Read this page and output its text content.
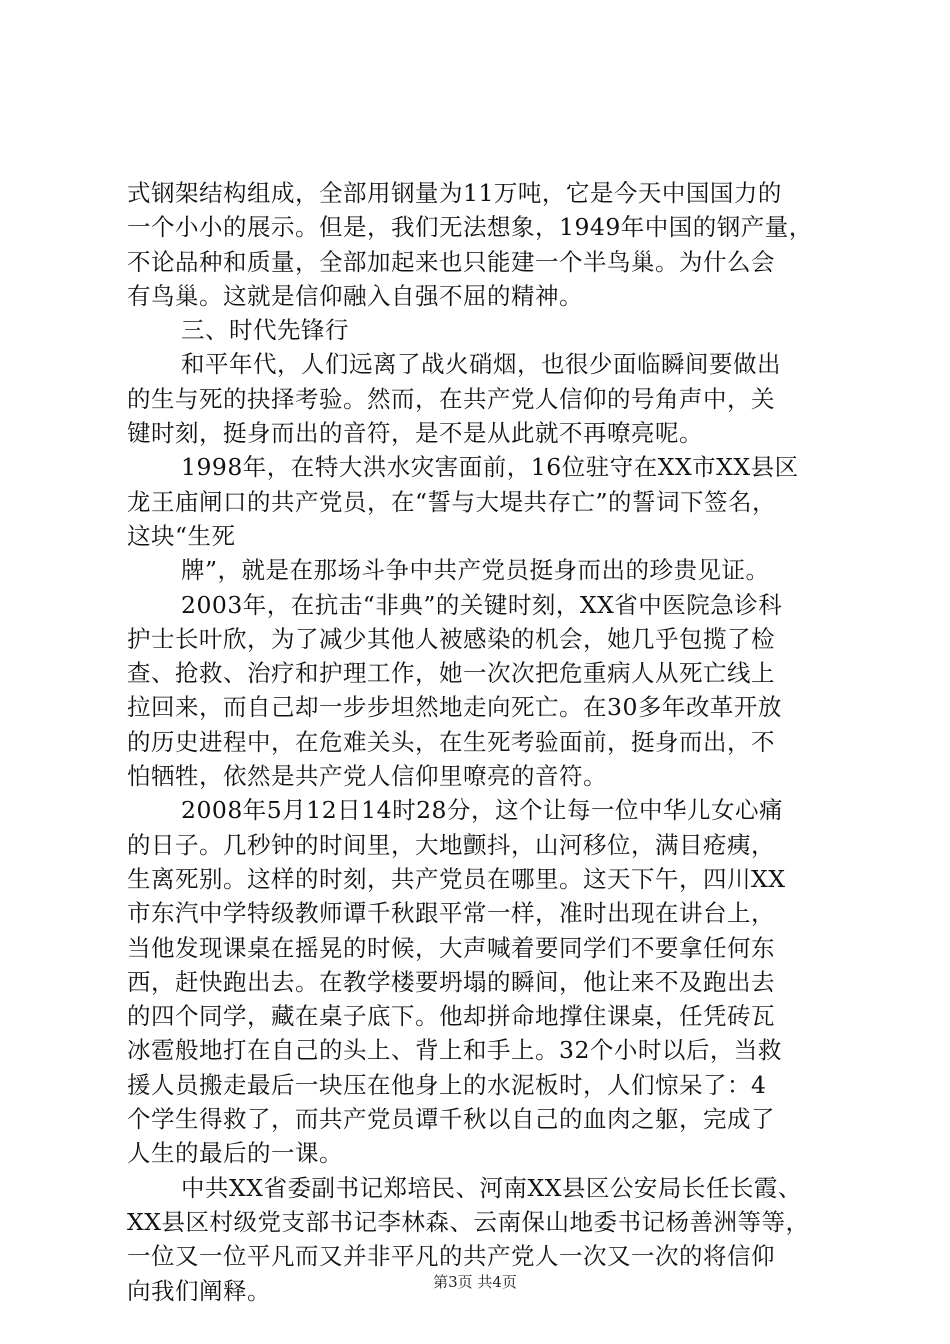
式钢架结构组成，全部用钢量为11万吨，它是今天中国国力的
一个小小的展示。但是，我们无法想象，1949年中国的钢产量，
不论品种和质量，全部加起来也只能建一个半鸟巢。为什么会
有鸟巢。这就是信仰融入自强不屈的精神。
三、时代先锋行
和平年代，人们远离了战火硝烟，也很少面临瞬间要做出
的生与死的抉择考验。然而，在共产党人信仰的号角声中，关
键时刻，挺身而出的音符，是不是从此就不再嘹亮呢。
1998年，在特大洪水灾害面前，16位驻守在XX市XX县区
龙王庙闸口的共产党员，在“誓与大堤共存亡”的誓词下签名，
这块“生死
牌”，就是在那场斗争中共产党员挺身而出的珍贵见证。
2003年，在抗击“非典”的关键时刻，XX省中医院急诊科
护士长叶欣，为了减少其他人被感染的机会，她几乎包揽了检
查、抢救、治疗和护理工作，她一次次把危重病人从死亡线上
拉回来，而自己却一步步坦然地走向死亡。在30多年改革开放
的历史进程中，在危难关头，在生死考验面前，挺身而出，不
怕牺牲，依然是共产党人信仰里嘹亮的音符。
2008年5月12日14时28分，这个让每一位中华儿女心痛
的日子。几秒钟的时间里，大地颤抖，山河移位，满目疮痍，
生离死别。这样的时刻，共产党员在哪里。这天下午，四川XX
市东汽中学特级教师谭千秋跟平常一样，准时出现在讲台上，
当他发现课桌在摇晃的时候，大声喊着要同学们不要拿任何东
西，赶快跑出去。在教学楼要坍塌的瞬间，他让来不及跑出去
的四个同学，藏在桌子底下。他却拼命地撑住课桌，任凭砖瓦
冰雹般地打在自己的头上、背上和手上。32个小时以后，当救
援人员搬走最后一块压在他身上的水泥板时，人们惊呆了：4
个学生得救了，而共产党员谭千秋以自己的血肉之躯，完成了
人生的最后的一课。
中共XX省委副书记郑培民、河南XX县区公安局长任长霞、
XX县区村级党支部书记李林森、云南保山地委书记杨善洲等等，
一位又一位平凡而又并非平凡的共产党人一次又一次的将信仰
向我们阐释。	第3页 共4页
